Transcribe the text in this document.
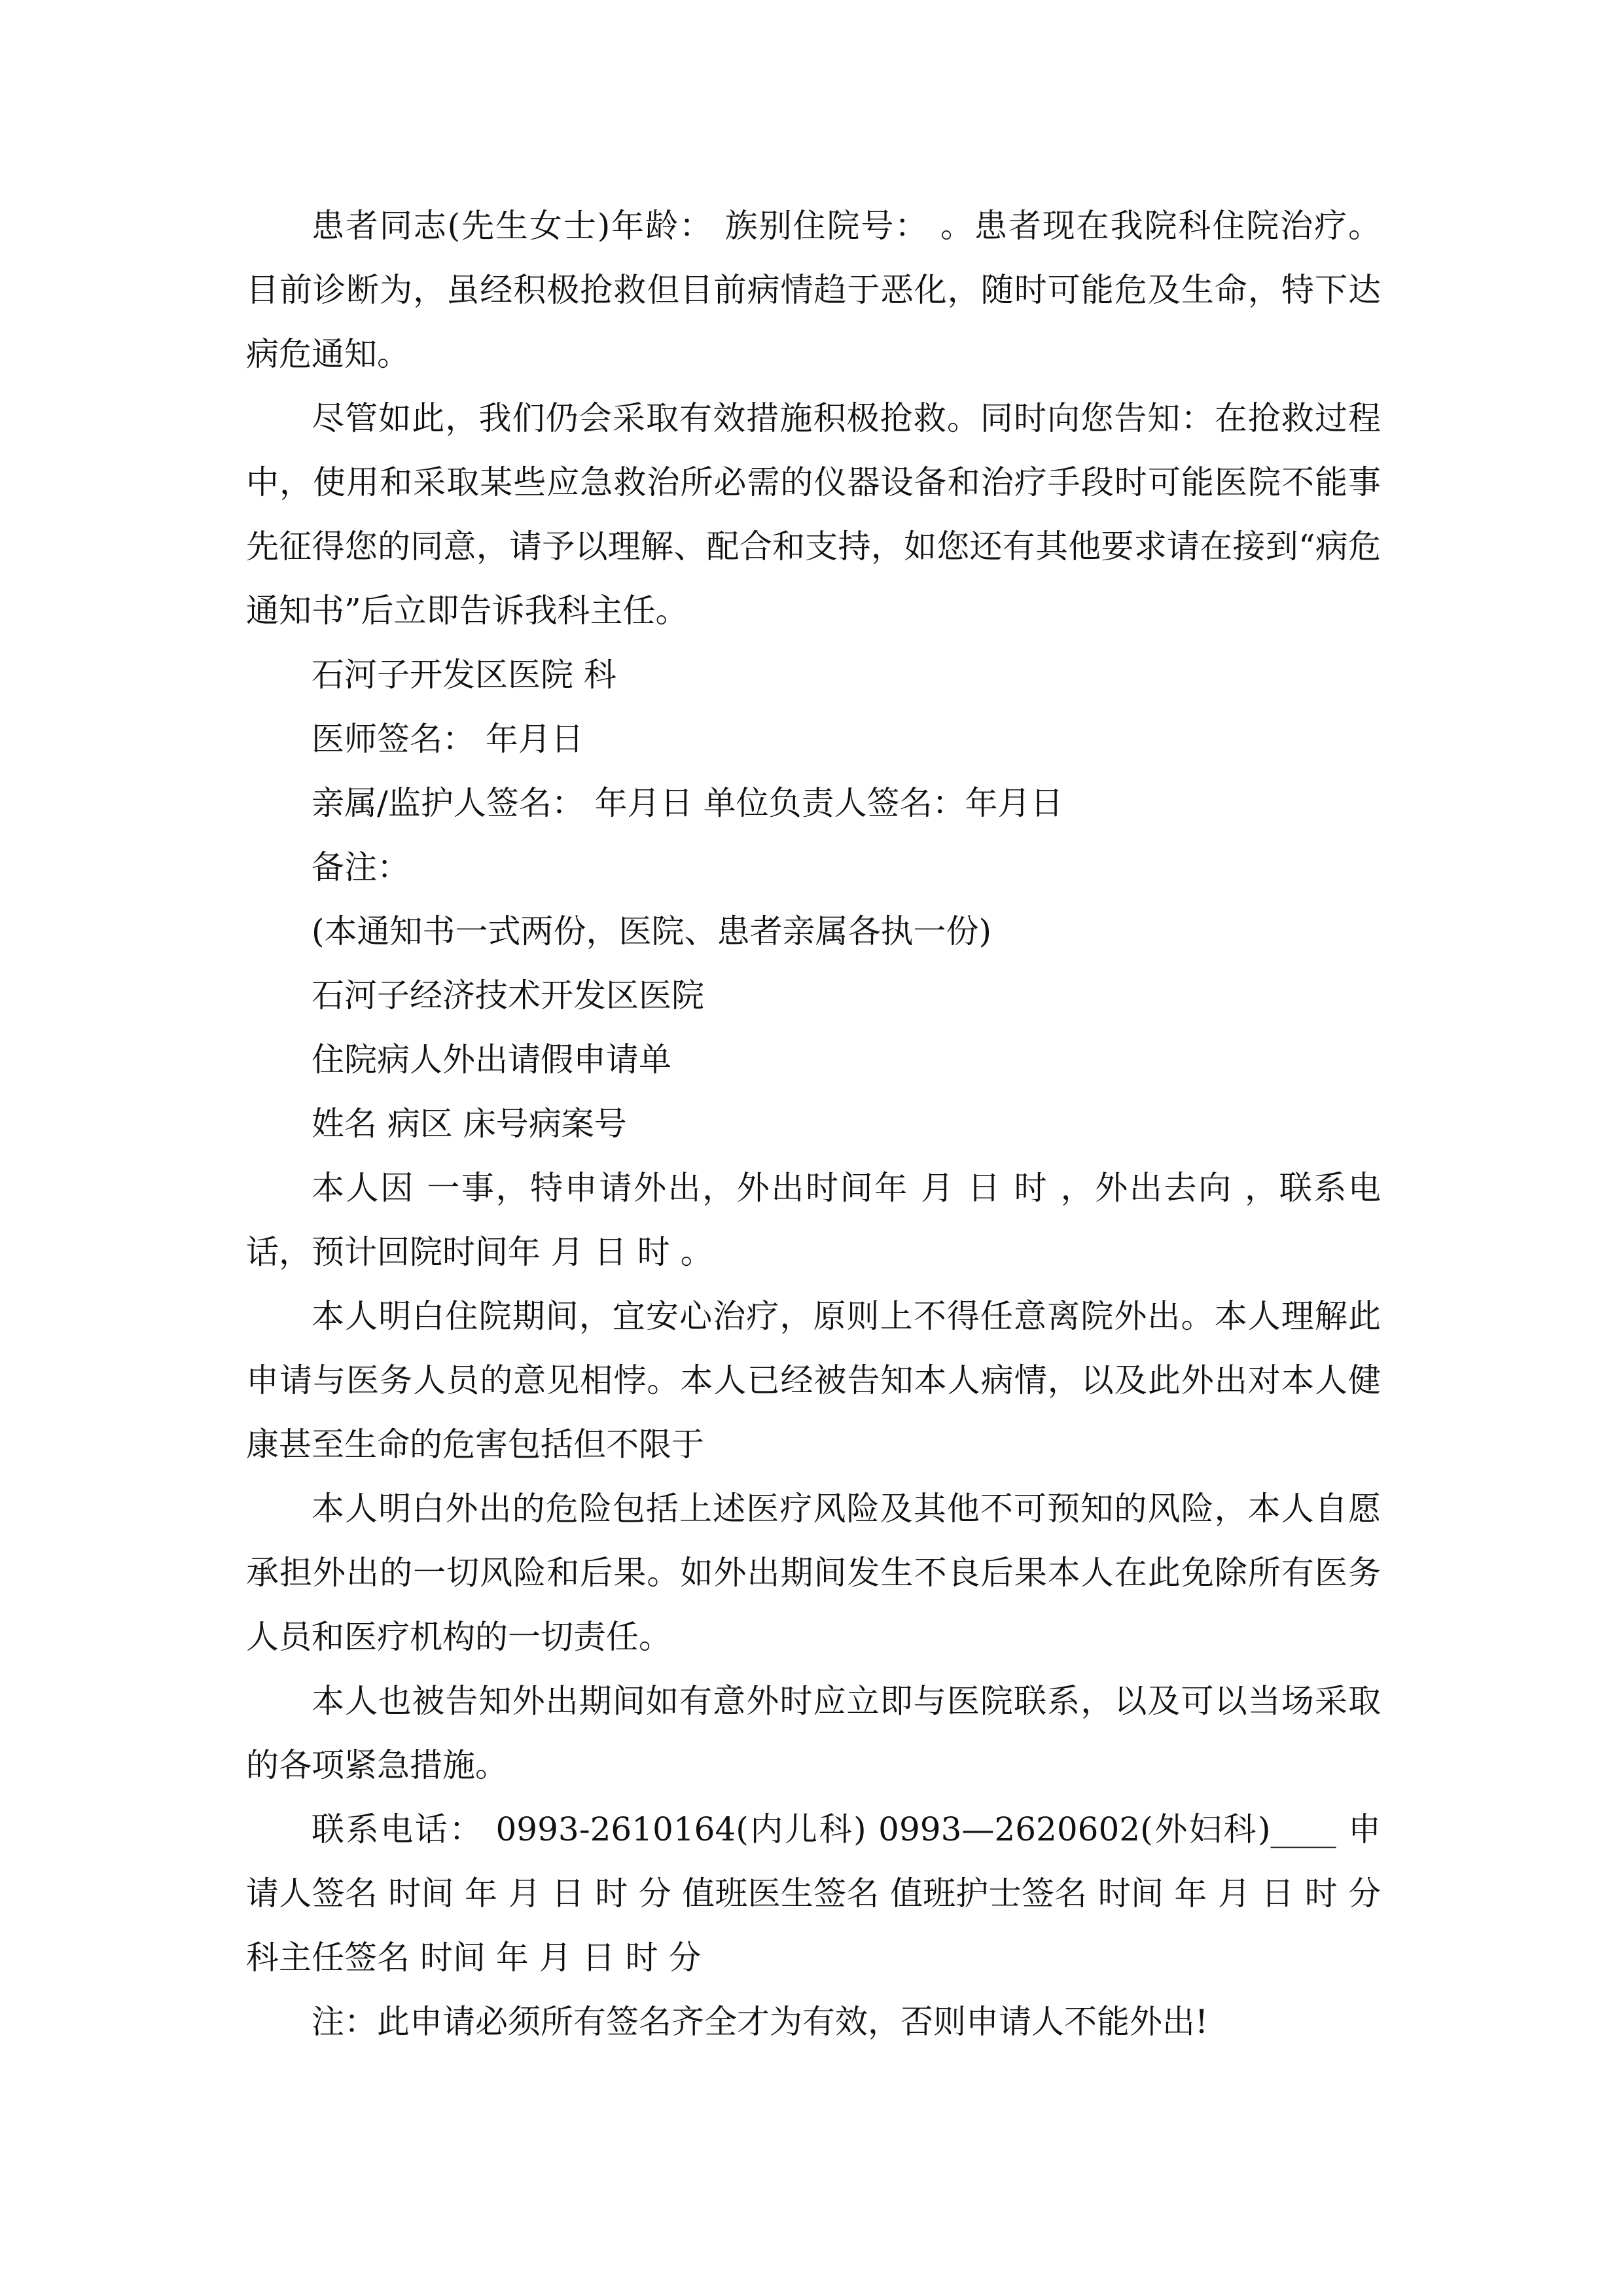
患者同志(先生女士)年龄： 族别住院号： 。患者现在我院科住院治疗。 目前诊断为，虽经积极抢救但目前病情趋于恶化，随时可能危及生命，特下达病危通知。

尽管如此，我们仍会采取有效措施积极抢救。同时向您告知：在抢救过程中，使用和采取某些应急救治所必需的仪器设备和治疗手段时可能医院不能事先征得您的同意，请予以理解、配合和支持，如您还有其他要求请在接到“病危通知书”后立即告诉我科主任。

石河子开发区医院 科

医师签名： 年月日

亲属/监护人签名： 年月日 单位负责人签名：年月日

备注：

(本通知书一式两份，医院、患者亲属各执一份)

石河子经济技术开发区医院

住院病人外出请假申请单

姓名 病区 床号病案号

本人因 一事，特申请外出，外出时间年 月 日 时 ，外出去向 ，联系电话，预计回院时间年 月 日 时 。

本人明白住院期间，宜安心治疗，原则上不得任意离院外出。本人理解此申请与医务人员的意见相悖。本人已经被告知本人病情，以及此外出对本人健康甚至生命的危害包括但不限于

本人明白外出的危险包括上述医疗风险及其他不可预知的风险，本人自愿承担外出的一切风险和后果。如外出期间发生不良后果本人在此免除所有医务人员和医疗机构的一切责任。

本人也被告知外出期间如有意外时应立即与医院联系，以及可以当场采取的各项紧急措施。

联系电话： 0993-2610164(内儿科) 0993—2620602(外妇科)____ 申请人签名 时间 年 月 日 时 分 值班医生签名 值班护士签名 时间 年 月 日 时 分 科主任签名 时间 年 月 日 时 分

注：此申请必须所有签名齐全才为有效，否则申请人不能外出!
